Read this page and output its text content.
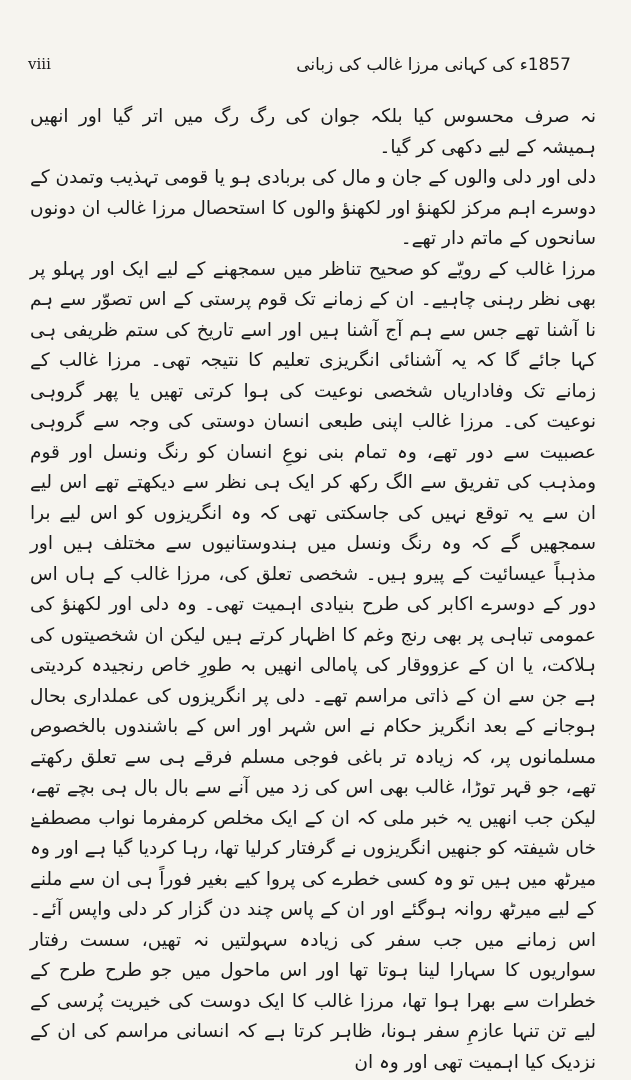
viii	1857ء کی کہانی مرزا غالب کی زبانی

نہ صرف محسوس کیا بلکہ جوان کی رگ رگ میں اتر گیا اور انھیں ہمیشہ کے لیے دکھی کر گیا۔

دلی اور دلی والوں کے جان و مال کی بربادی ہو یا قومی تہذیب وتمدن کے دوسرے اہم مرکز لکھنؤ اور لکھنؤ والوں کا استحصال مرزا غالب ان دونوں سانحوں کے ماتم دار تھے۔

مرزا غالب کے رویّے کو صحیح تناظر میں سمجھنے کے لیے ایک اور پہلو پر بھی نظر رہنی چاہیے۔ ان کے زمانے تک قوم پرستی کے اس تصوّر سے ہم نا آشنا تھے جس سے ہم آج آشنا ہیں اور اسے تاریخ کی ستم ظریفی ہی کہا جائے گا کہ یہ آشنائی انگریزی تعلیم کا نتیجہ تھی۔ مرزا غالب کے زمانے تک وفاداریاں شخصی نوعیت کی ہوا کرتی تھیں یا پھر گروہی نوعیت کی۔ مرزا غالب اپنی طبعی انسان دوستی کی وجہ سے گروہی عصبیت سے دور تھے، وہ تمام بنی نوعِ انسان کو رنگ ونسل اور قوم ومذہب کی تفریق سے الگ رکھ کر ایک ہی نظر سے دیکھتے تھے اس لیے ان سے یہ توقع نہیں کی جاسکتی تھی کہ وہ انگریزوں کو اس لیے برا سمجھیں گے کہ وہ رنگ ونسل میں ہندوستانیوں سے مختلف ہیں اور مذہباً عیسائیت کے پیرو ہیں۔ شخصی تعلق کی، مرزا غالب کے ہاں اس دور کے دوسرے اکابر کی طرح بنیادی اہمیت تھی۔ وہ دلی اور لکھنؤ کی عمومی تباہی پر بھی رنج وغم کا اظہار کرتے ہیں لیکن ان شخصیتوں کی ہلاکت، یا ان کے عزووقار کی پامالی انھیں بہ طورِ خاص رنجیدہ کردیتی ہے جن سے ان کے ذاتی مراسم تھے۔ دلی پر انگریزوں کی عملداری بحال ہوجانے کے بعد انگریز حکام نے اس شہر اور اس کے باشندوں بالخصوص مسلمانوں پر، کہ زیادہ تر باغی فوجی مسلم فرقے ہی سے تعلق رکھتے تھے، جو قہر توڑا، غالب بھی اس کی زد میں آنے سے بال بال ہی بچے تھے، لیکن جب انھیں یہ خبر ملی کہ ان کے ایک مخلص کرمفرما نواب مصطفےٰ خاں شیفتہ کو جنھیں انگریزوں نے گرفتار کرلیا تھا، رہا کردیا گیا ہے اور وہ میرٹھ میں ہیں تو وہ کسی خطرے کی پروا کیے بغیر فوراً ہی ان سے ملنے کے لیے میرٹھ روانہ ہوگئے اور ان کے پاس چند دن گزار کر دلی واپس آئے۔ اس زمانے میں جب سفر کی زیادہ سہولتیں نہ تھیں، سست رفتار سواریوں کا سہارا لینا ہوتا تھا اور اس ماحول میں جو طرح طرح کے خطرات سے بھرا ہوا تھا، مرزا غالب کا ایک دوست کی خیریت پُرسی کے لیے تن تنہا عازمِ سفر ہونا، ظاہر کرتا ہے کہ انسانی مراسم کی ان کے نزدیک کیا اہمیت تھی اور وہ ان
